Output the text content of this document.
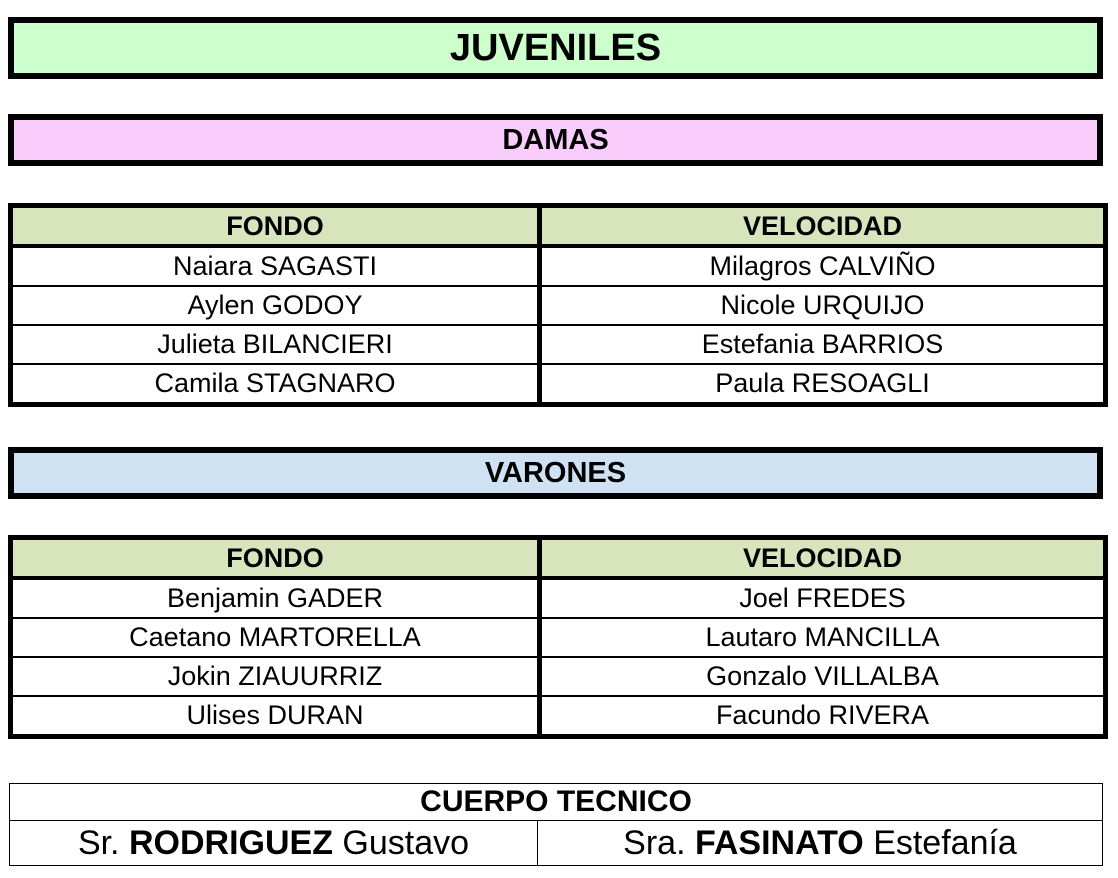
JUVENILES
DAMAS
FONDO	VELOCIDAD
Naiara SAGASTI	Milagros CALVIÑO
Aylen GODOY	Nicole URQUIJO
Julieta BILANCIERI	Estefania BARRIOS
Camila STAGNARO	Paula RESOAGLI
VARONES
FONDO	VELOCIDAD
Benjamin GADER	Joel FREDES
Caetano MARTORELLA	Lautaro MANCILLA
Jokin ZIAUURRIZ	Gonzalo VILLALBA
Ulises DURAN	Facundo RIVERA
CUERPO TECNICO
Sr. RODRIGUEZ Gustavo	Sra. FASINATO Estefanía
